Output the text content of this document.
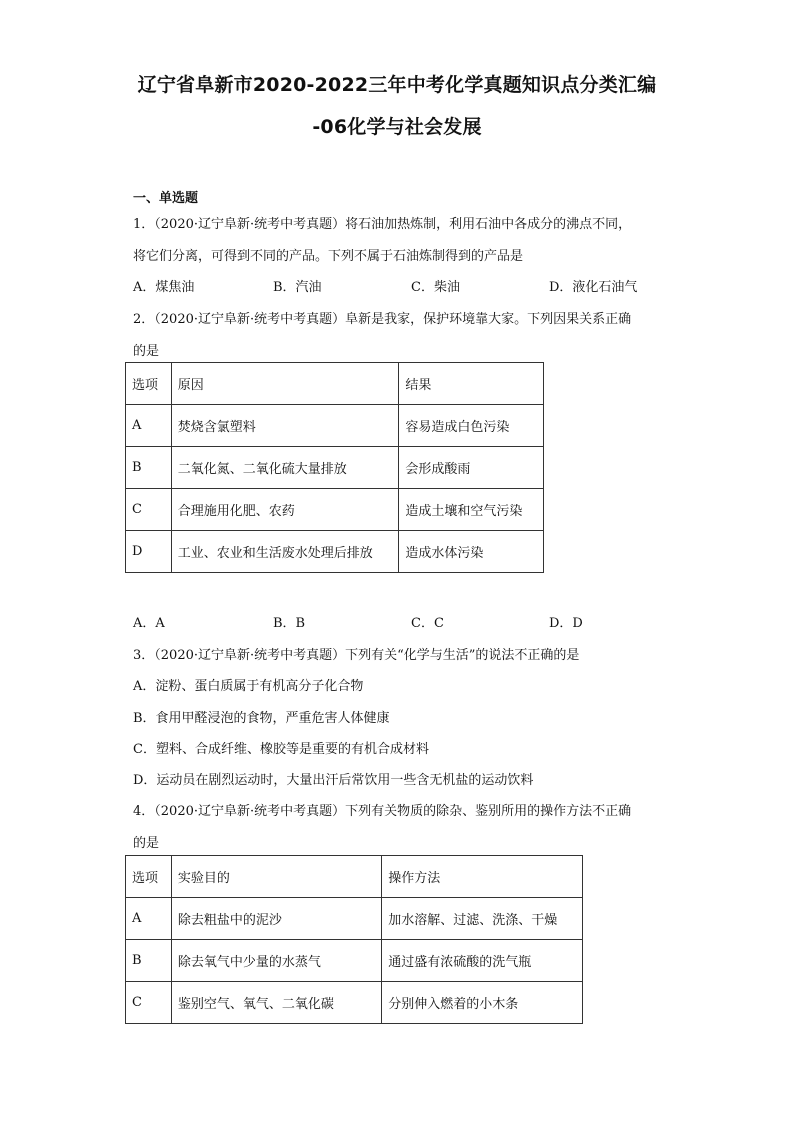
辽宁省阜新市2020-2022三年中考化学真题知识点分类汇编
-06化学与社会发展
一、单选题
1．（2020·辽宁阜新·统考中考真题）将石油加热炼制，利用石油中各成分的沸点不同，
将它们分离，可得到不同的产品。下列不属于石油炼制得到的产品是
A．煤焦油	B．汽油	C．柴油	D．液化石油气
2．（2020·辽宁阜新·统考中考真题）阜新是我家，保护环境靠大家。下列因果关系正确
的是
选项	原因	结果
A	焚烧含氯塑料	容易造成白色污染
B	二氧化氮、二氧化硫大量排放	会形成酸雨
C	合理施用化肥、农药	造成土壤和空气污染
D	工业、农业和生活废水处理后排放	造成水体污染
A．A	B．B	C．C	D．D
3．（2020·辽宁阜新·统考中考真题）下列有关“化学与生活”的说法不正确的是
A．淀粉、蛋白质属于有机高分子化合物
B．食用甲醛浸泡的食物，严重危害人体健康
C．塑料、合成纤维、橡胶等是重要的有机合成材料
D．运动员在剧烈运动时，大量出汗后常饮用一些含无机盐的运动饮料
4．（2020·辽宁阜新·统考中考真题）下列有关物质的除杂、鉴别所用的操作方法不正确
的是
选项	实验目的	操作方法
A	除去粗盐中的泥沙	加水溶解、过滤、洗涤、干燥
B	除去氧气中少量的水蒸气	通过盛有浓硫酸的洗气瓶
C	鉴别空气、氧气、二氧化碳	分别伸入燃着的小木条
